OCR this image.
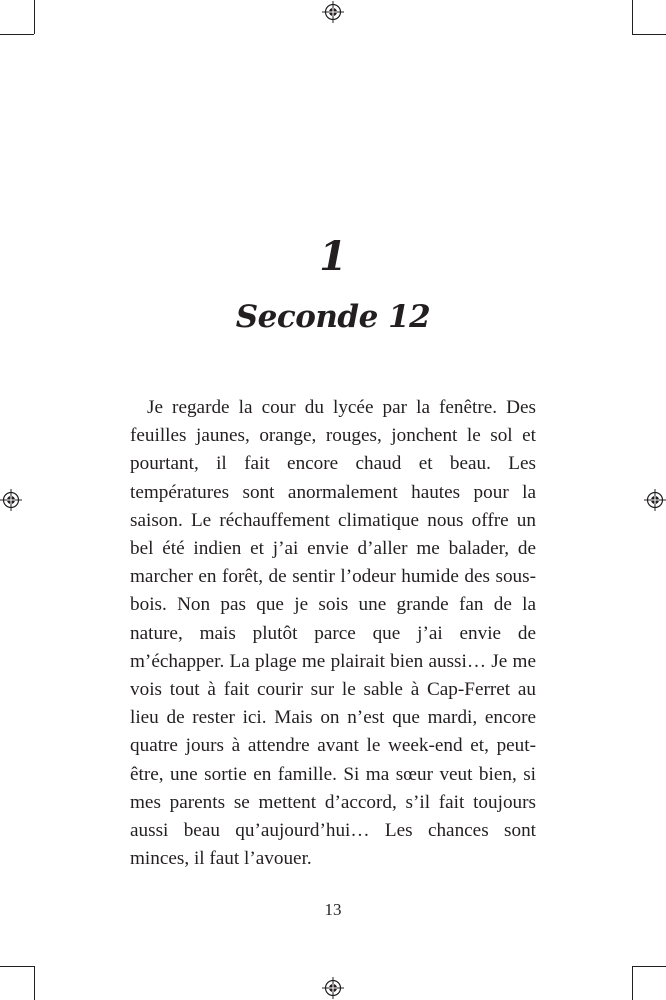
1
Seconde 12

Je regarde la cour du lycée par la fenêtre. Des feuilles jaunes, orange, rouges, jonchent le sol et pourtant, il fait encore chaud et beau. Les températures sont anormalement hautes pour la saison. Le réchauffement climatique nous offre un bel été indien et j’ai envie d’aller me balader, de marcher en forêt, de sentir l’odeur humide des sous-bois. Non pas que je sois une grande fan de la nature, mais plutôt parce que j’ai envie de m’échapper. La plage me plairait bien aussi… Je me vois tout à fait courir sur le sable à Cap-Ferret au lieu de rester ici. Mais on n’est que mardi, encore quatre jours à attendre avant le week-end et, peut-être, une sortie en famille. Si ma sœur veut bien, si mes parents se mettent d’accord, s’il fait toujours aussi beau qu’aujourd’hui… Les chances sont minces, il faut l’avouer.

13
